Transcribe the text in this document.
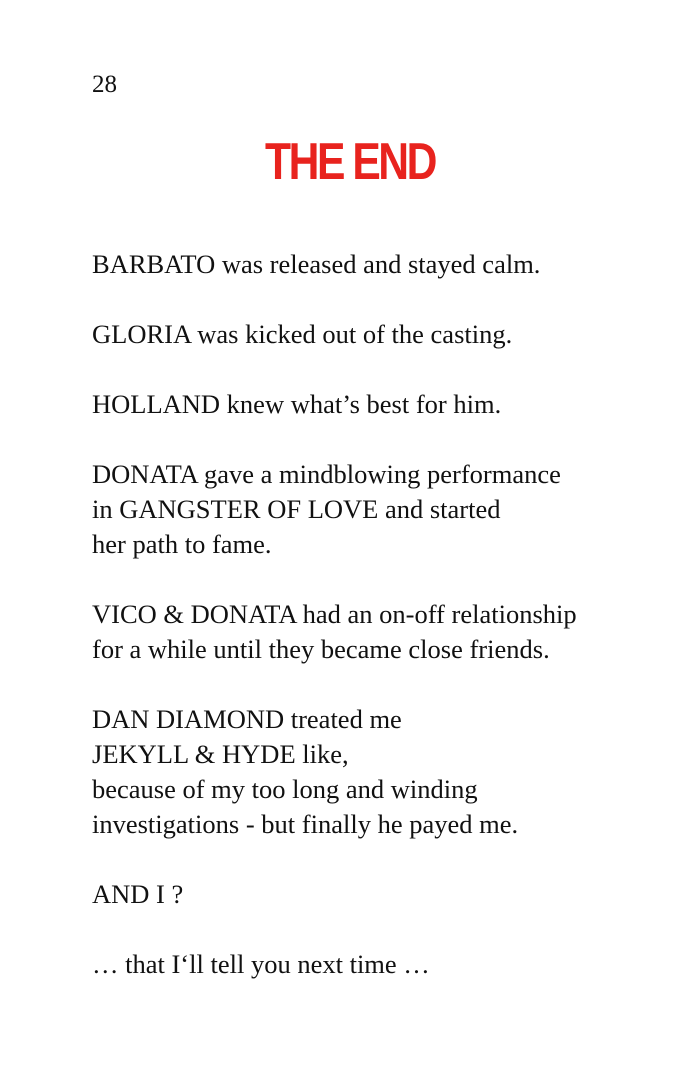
28
THE END

BARBATO was released and stayed calm.

GLORIA was kicked out of the casting.

HOLLAND knew what’s best for him.

DONATA gave a mindblowing performance
in GANGSTER OF LOVE and started
her path to fame.

VICO & DONATA had an on-off relationship
for a while until they became close friends.

DAN DIAMOND treated me
JEKYLL & HYDE like,
because of my too long and winding
investigations - but finally he payed me.

AND I ?

… that I‘ll tell you next time …
